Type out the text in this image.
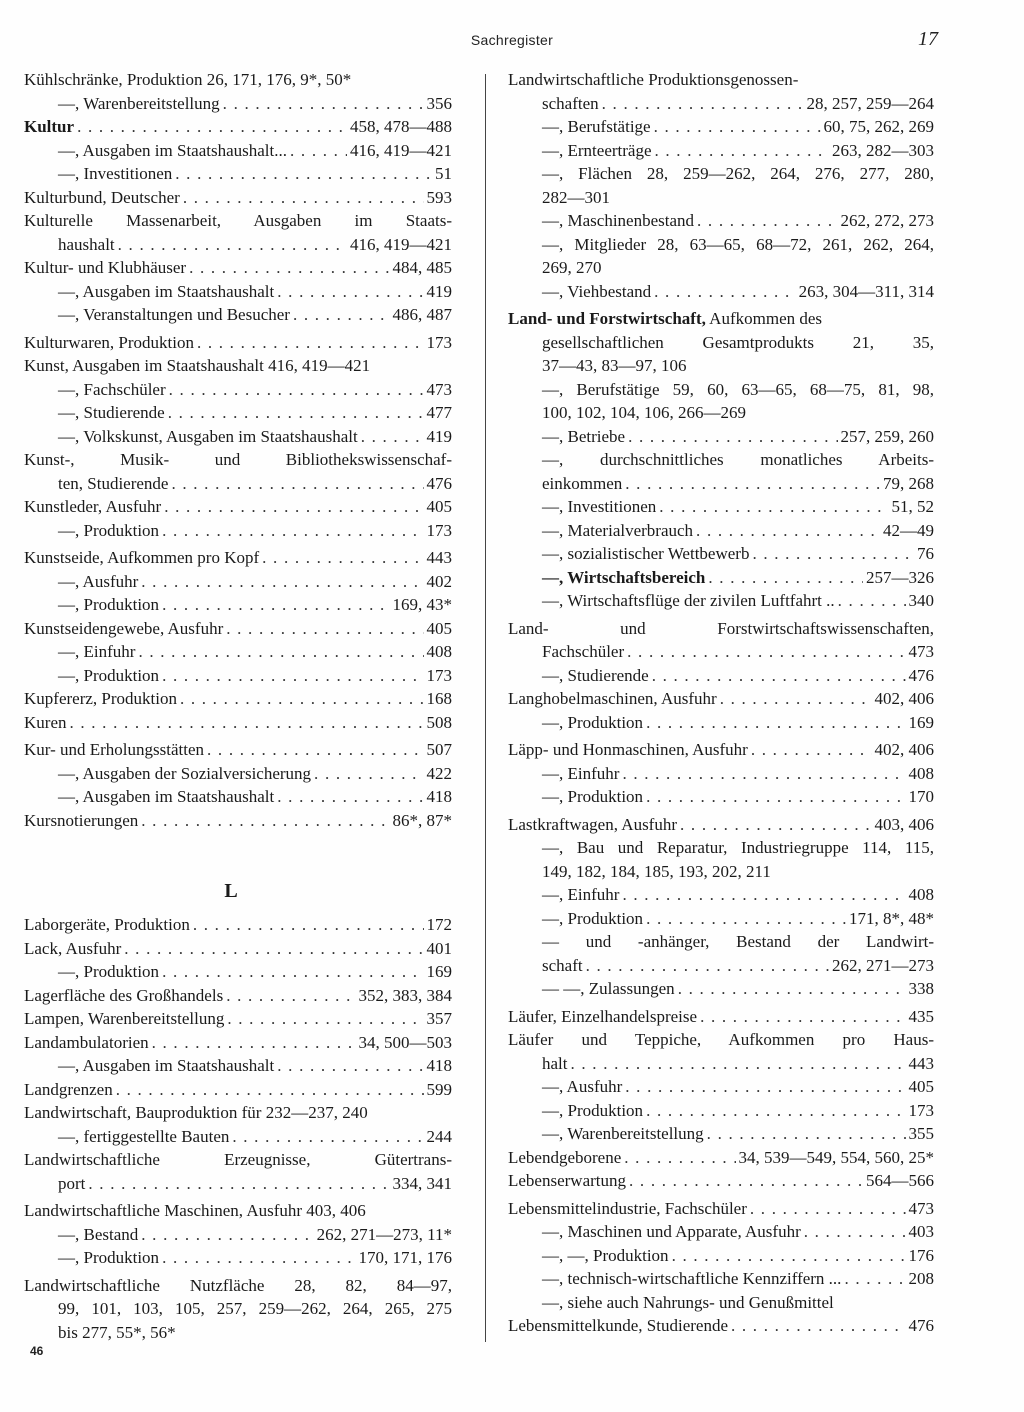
Sachregister	17
Kühlschränke, Produktion 26, 171, 176, 9*, 50*
—, Warenbereitstellung . . .	356
Kultur . . .	458, 478—488
—, Ausgaben im Staatshaushalt... . . .	416, 419—421
—, Investitionen . . .	51
Kulturbund, Deutscher . . .	593
Kulturelle Massenarbeit, Ausgaben im Staats-
haushalt . . .	416, 419—421
Kultur- und Klubhäuser . . .	484, 485
—, Ausgaben im Staatshaushalt . . .	419
—, Veranstaltungen und Besucher . . .	486, 487
Kulturwaren, Produktion . . .	173
Kunst, Ausgaben im Staatshaushalt 416, 419—421
—, Fachschüler . . .	473
—, Studierende . . .	477
—, Volkskunst, Ausgaben im Staatshaushalt . . .	419
Kunst-, Musik- und Bibliothekswissenschaf-
ten, Studierende . . .	476
Kunstleder, Ausfuhr . . .	405
—, Produktion . . .	173
Kunstseide, Aufkommen pro Kopf . . .	443
—, Ausfuhr . . .	402
—, Produktion . . .	169, 43*
Kunstseidengewebe, Ausfuhr . . .	405
—, Einfuhr . . .	408
—, Produktion . . .	173
Kupfererz, Produktion . . .	168
Kuren . . .	508
Kur- und Erholungsstätten . . .	507
—, Ausgaben der Sozialversicherung . . .	422
—, Ausgaben im Staatshaushalt . . .	418
Kursnotierungen . . .	86*, 87*
L
Laborgeräte, Produktion . . .	172
Lack, Ausfuhr . . .	401
—, Produktion . . .	169
Lagerfläche des Großhandels . . .	352, 383, 384
Lampen, Warenbereitstellung . . .	357
Landambulatorien . . .	34, 500—503
—, Ausgaben im Staatshaushalt . . .	418
Landgrenzen . . .	599
Landwirtschaft, Bauproduktion für 232—237, 240
—, fertiggestellte Bauten . . .	244
Landwirtschaftliche Erzeugnisse, Gütertrans-
port . . .	334, 341
Landwirtschaftliche Maschinen, Ausfuhr 403, 406
—, Bestand . . .	262, 271—273, 11*
—, Produktion . . .	170, 171, 176
Landwirtschaftliche Nutzfläche 28, 82, 84—97,
99, 101, 103, 105, 257, 259—262, 264, 265, 275
bis 277, 55*, 56*
Landwirtschaftliche Produktionsgenossen-
schaften . . .	28, 257, 259—264
—, Berufstätige . . .	60, 75, 262, 269
—, Ernteerträge . . .	263, 282—303
—, Flächen 28, 259—262, 264, 276, 277, 280,
282—301
—, Maschinenbestand . . .	262, 272, 273
—, Mitglieder 28, 63—65, 68—72, 261, 262, 264,
269, 270
—, Viehbestand . . .	263, 304—311, 314
Land- und Forstwirtschaft, Aufkommen des
gesellschaftlichen Gesamtprodukts 21, 35,
37—43, 83—97, 106
—, Berufstätige 59, 60, 63—65, 68—75, 81, 98,
100, 102, 104, 106, 266—269
—, Betriebe . . .	257, 259, 260
—, durchschnittliches monatliches Arbeits-
einkommen . . .	79, 268
—, Investitionen . . .	51, 52
—, Materialverbrauch . . .	42—49
—, sozialistischer Wettbewerb . . .	76
—, Wirtschaftsbereich . . .	257—326
—, Wirtschaftsflüge der zivilen Luftfahrt .. . . .	340
Land- und Forstwirtschaftswissenschaften,
Fachschüler . . .	473
—, Studierende . . .	476
Langhobelmaschinen, Ausfuhr . . .	402, 406
—, Produktion . . .	169
Läpp- und Honmaschinen, Ausfuhr . . .	402, 406
—, Einfuhr . . .	408
—, Produktion . . .	170
Lastkraftwagen, Ausfuhr . . .	403, 406
—, Bau und Reparatur, Industriegruppe 114, 115,
149, 182, 184, 185, 193, 202, 211
—, Einfuhr . . .	408
—, Produktion . . .	171, 8*, 48*
— und -anhänger, Bestand der Landwirt-
schaft . . .	262, 271—273
— —, Zulassungen . . .	338
Läufer, Einzelhandelspreise . . .	435
Läufer und Teppiche, Aufkommen pro Haus-
halt . . .	443
—, Ausfuhr . . .	405
—, Produktion . . .	173
—, Warenbereitstellung . . .	355
Lebendgeborene . . .	34, 539—549, 554, 560, 25*
Lebenserwartung . . .	564—566
Lebensmittelindustrie, Fachschüler . . .	473
—, Maschinen und Apparate, Ausfuhr . . .	403
—, —, Produktion . . .	176
—, technisch-wirtschaftliche Kennziffern ... . . .	208
—, siehe auch Nahrungs- und Genußmittel
Lebensmittelkunde, Studierende . . .	476
46
